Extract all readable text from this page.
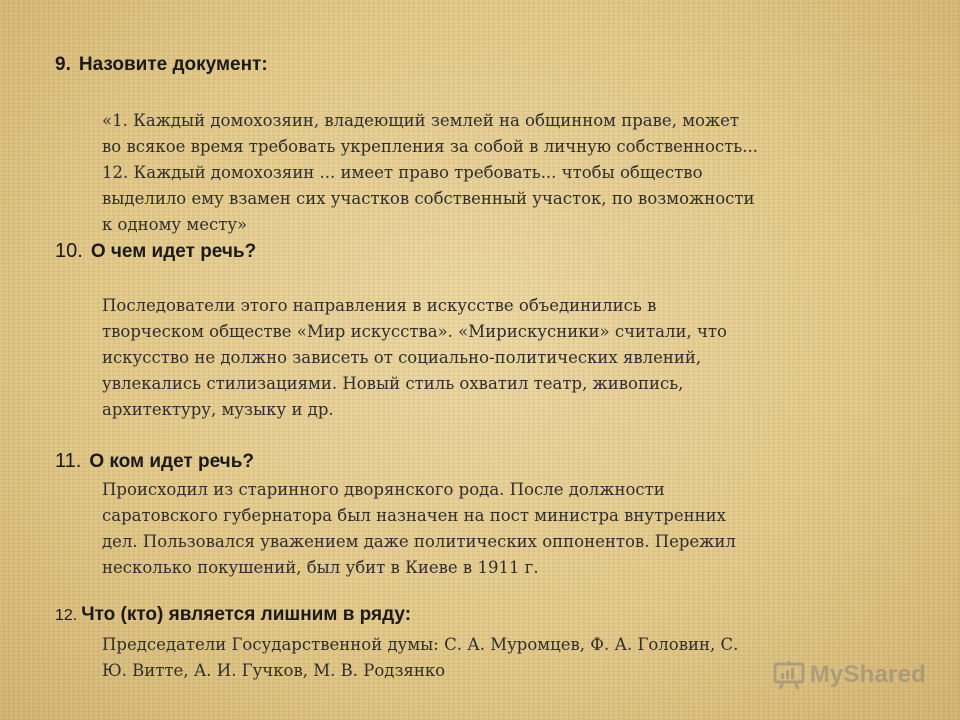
9. Назовите документ:
«1. Каждый домохозяин, владеющий землей на общинном праве, может
во всякое время требовать укрепления за собой в личную собственность...
12. Каждый домохозяин ... имеет право требовать... чтобы общество
выделило ему взамен сих участков собственный участок, по возможности
к одному месту»
10. О чем идет речь?
Последователи этого направления в искусстве объединились в
творческом обществе «Мир искусства». «Мирискусники» считали, что
искусство не должно зависеть от социально-политических явлений,
увлекались стилизациями. Новый стиль охватил театр, живопись,
архитектуру, музыку и др.
11. О ком идет речь?
Происходил из старинного дворянского рода. После должности
саратовского губернатора был назначен на пост министра внутренних
дел. Пользовался уважением даже политических оппонентов. Пережил
несколько покушений, был убит в Киеве в 1911 г.
12. Что (кто) является лишним в ряду:
Председатели Государственной думы: С. А. Муромцев, Ф. А. Головин, С.
Ю. Витте, А. И. Гучков, М. В. Родзянко	MyShared
